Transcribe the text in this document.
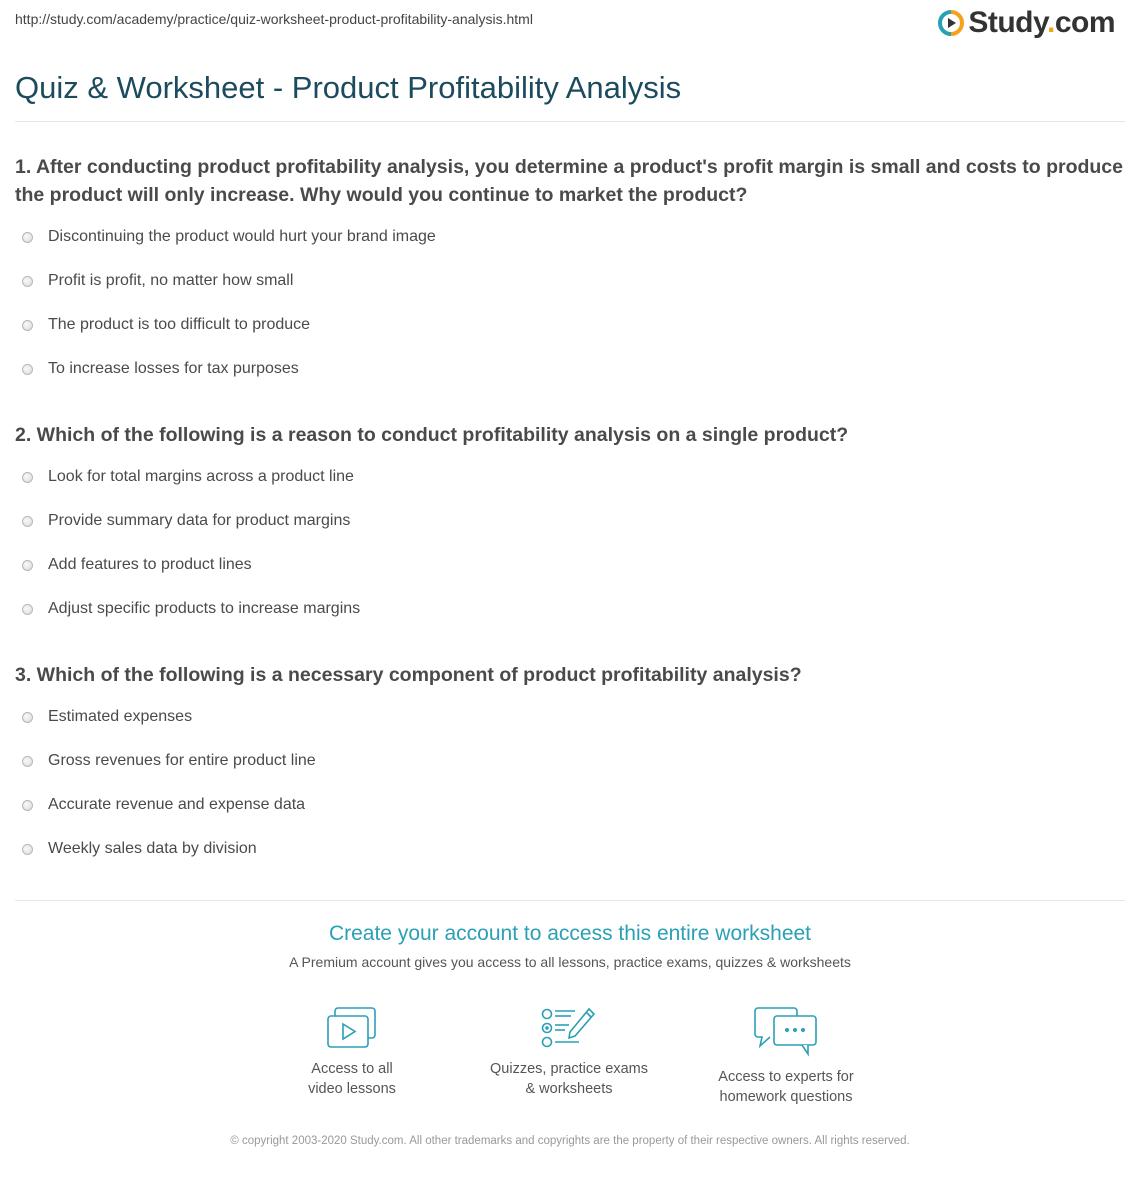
http://study.com/academy/practice/quiz-worksheet-product-profitability-analysis.html	Study.com
Quiz & Worksheet - Product Profitability Analysis

1. After conducting product profitability analysis, you determine a product's profit margin is small and costs to produce the product will only increase. Why would you continue to market the product?

Discontinuing the product would hurt your brand image
Profit is profit, no matter how small
The product is too difficult to produce
To increase losses for tax purposes

2. Which of the following is a reason to conduct profitability analysis on a single product?

Look for total margins across a product line
Provide summary data for product margins
Add features to product lines
Adjust specific products to increase margins

3. Which of the following is a necessary component of product profitability analysis?

Estimated expenses
Gross revenues for entire product line
Accurate revenue and expense data
Weekly sales data by division
Create your account to access this entire worksheet
A Premium account gives you access to all lessons, practice exams, quizzes & worksheets
Access to all
video lessons
Quizzes, practice exams
& worksheets
Access to experts for
homework questions
© copyright 2003-2020 Study.com. All other trademarks and copyrights are the property of their respective owners. All rights reserved.
